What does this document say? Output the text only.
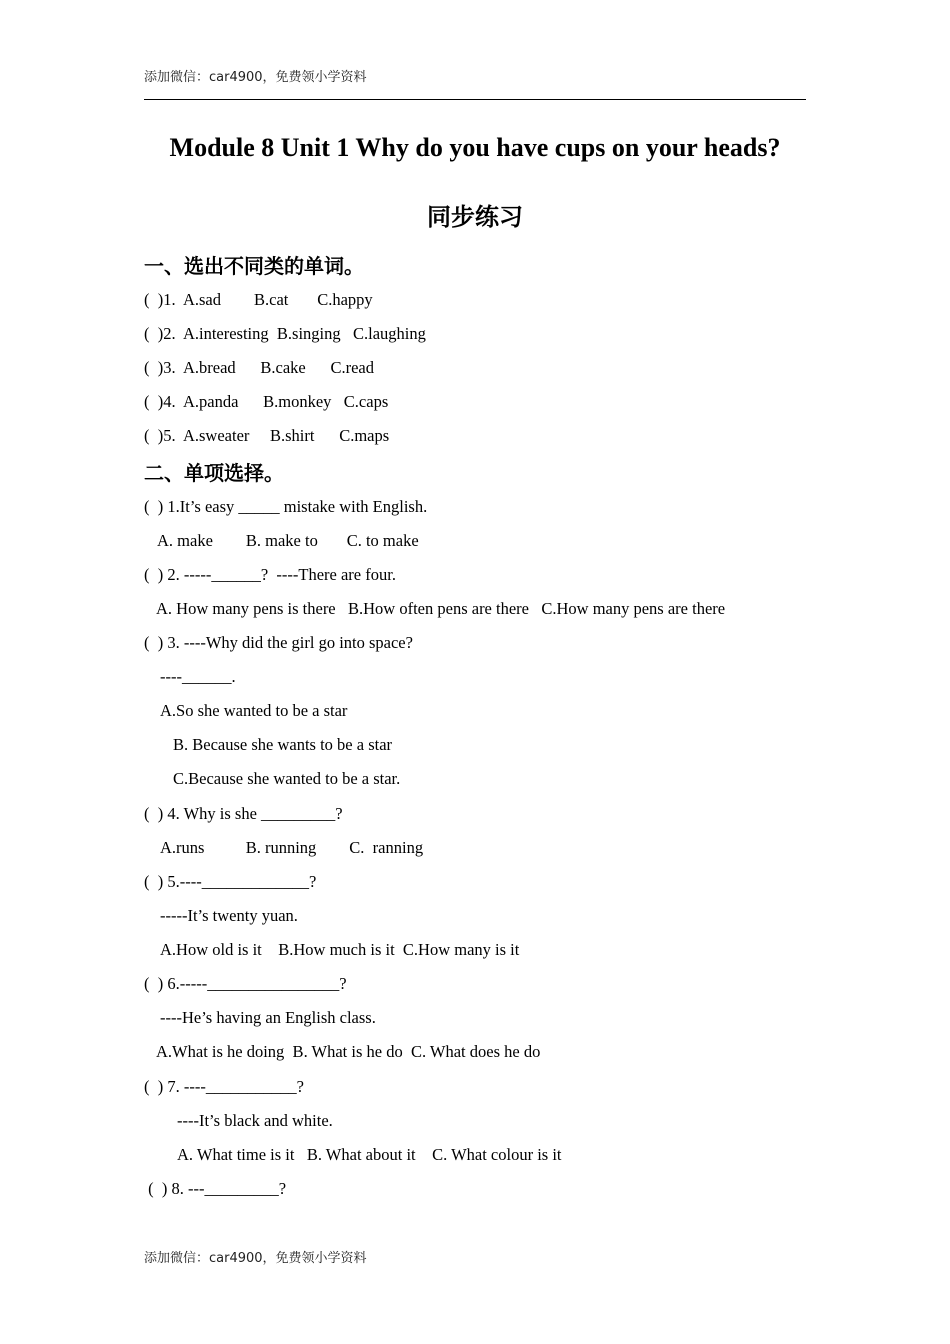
添加微信：car4900，免费领小学资料
Module 8 Unit 1 Why do you have cups on your heads?
同步练习
一、选出不同类的单词。
(  )1.  A.sad        B.cat       C.happy
(  )2.  A.interesting  B.singing   C.laughing
(  )3.  A.bread      B.cake      C.read
(  )4.  A.panda      B.monkey   C.caps
(  )5.  A.sweater     B.shirt      C.maps
二、单项选择。
(  ) 1.It’s easy _____ mistake with English.
A. make        B. make to       C. to make
(  ) 2. -----______?  ----There are four.
A. How many pens is there   B.How often pens are there   C.How many pens are there
(  ) 3. ----Why did the girl go into space?
----______.
A.So she wanted to be a star
B. Because she wants to be a star
C.Because she wanted to be a star.
(  ) 4. Why is she _________?
A.runs          B. running        C.  ranning
(  ) 5.----_____________?
-----It’s twenty yuan.
A.How old is it    B.How much is it  C.How many is it
(  ) 6.-----________________?
----He’s having an English class.
A.What is he doing  B. What is he do  C. What does he do
(  ) 7. ----___________?
----It’s black and white.
A. What time is it   B. What about it    C. What colour is it
(  ) 8. ---_________?
添加微信：car4900，免费领小学资料
